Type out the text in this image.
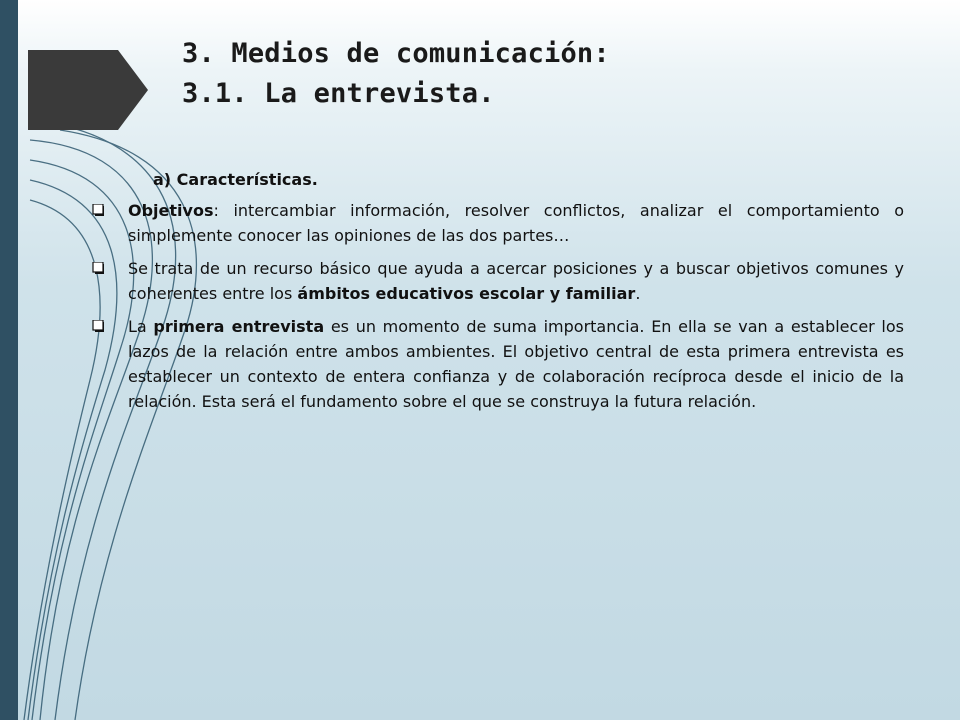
3. Medios de comunicación:
3.1. La entrevista.
a) Características.
Objetivos: intercambiar información, resolver conflictos, analizar el comportamiento o simplemente conocer las opiniones de las dos partes…
Se trata de un recurso básico que ayuda a acercar posiciones y a buscar objetivos comunes y coherentes entre los ámbitos educativos escolar y familiar.
La primera entrevista es un momento de suma importancia. En ella se van a establecer los lazos de la relación entre ambos ambientes. El objetivo central de esta primera entrevista es establecer un contexto de entera confianza y de colaboración recíproca desde el inicio de la relación. Esta será el fundamento sobre el que se construya la futura relación.
